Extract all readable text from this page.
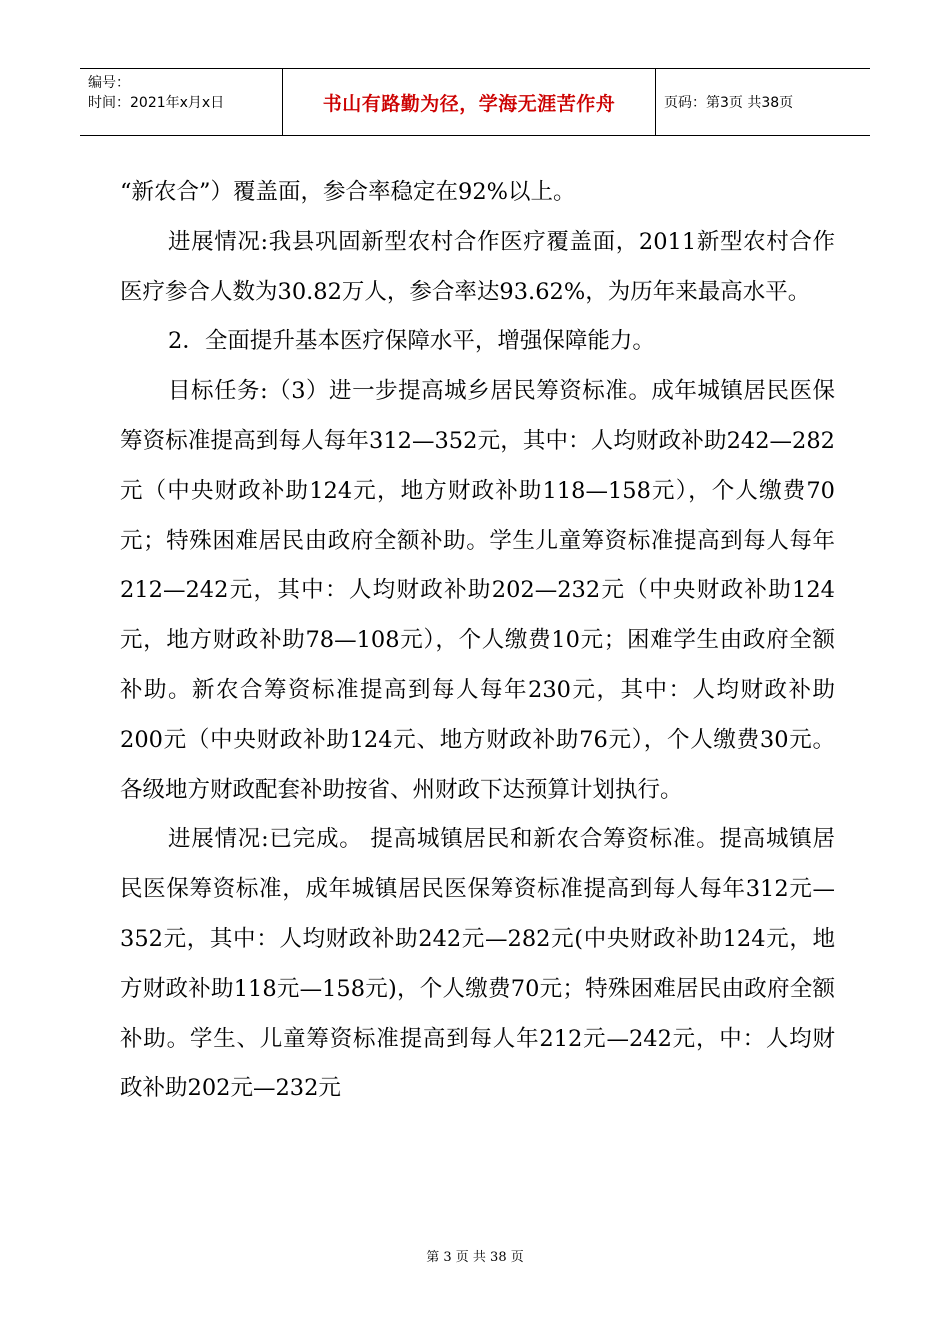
编号：
时间：2021年x月x日	书山有路勤为径，学海无涯苦作舟	页码：第3页 共38页

“新农合”）覆盖面，参合率稳定在92%以上。

进展情况:我县巩固新型农村合作医疗覆盖面，2011新型农村合作医疗参合人数为30.82万人，参合率达93.62%，为历年来最高水平。

2．全面提升基本医疗保障水平，增强保障能力。

目标任务:（3）进一步提高城乡居民筹资标准。成年城镇居民医保筹资标准提高到每人每年312—352元，其中：人均财政补助242—282元（中央财政补助124元，地方财政补助118—158元），个人缴费70元；特殊困难居民由政府全额补助。学生儿童筹资标准提高到每人每年212—242元，其中：人均财政补助202—232元（中央财政补助124元，地方财政补助78—108元），个人缴费10元；困难学生由政府全额补助。新农合筹资标准提高到每人每年230元，其中：人均财政补助200元（中央财政补助124元、地方财政补助76元），个人缴费30元。各级地方财政配套补助按省、州财政下达预算计划执行。

进展情况:已完成。 提高城镇居民和新农合筹资标准。提高城镇居民医保筹资标准，成年城镇居民医保筹资标准提高到每人每年312元—352元，其中：人均财政补助242元—282元(中央财政补助124元，地方财政补助118元—158元)，个人缴费70元；特殊困难居民由政府全额补助。学生、儿童筹资标准提高到每人年212元—242元，中：人均财政补助202元—232元

第 3 页 共 38 页
